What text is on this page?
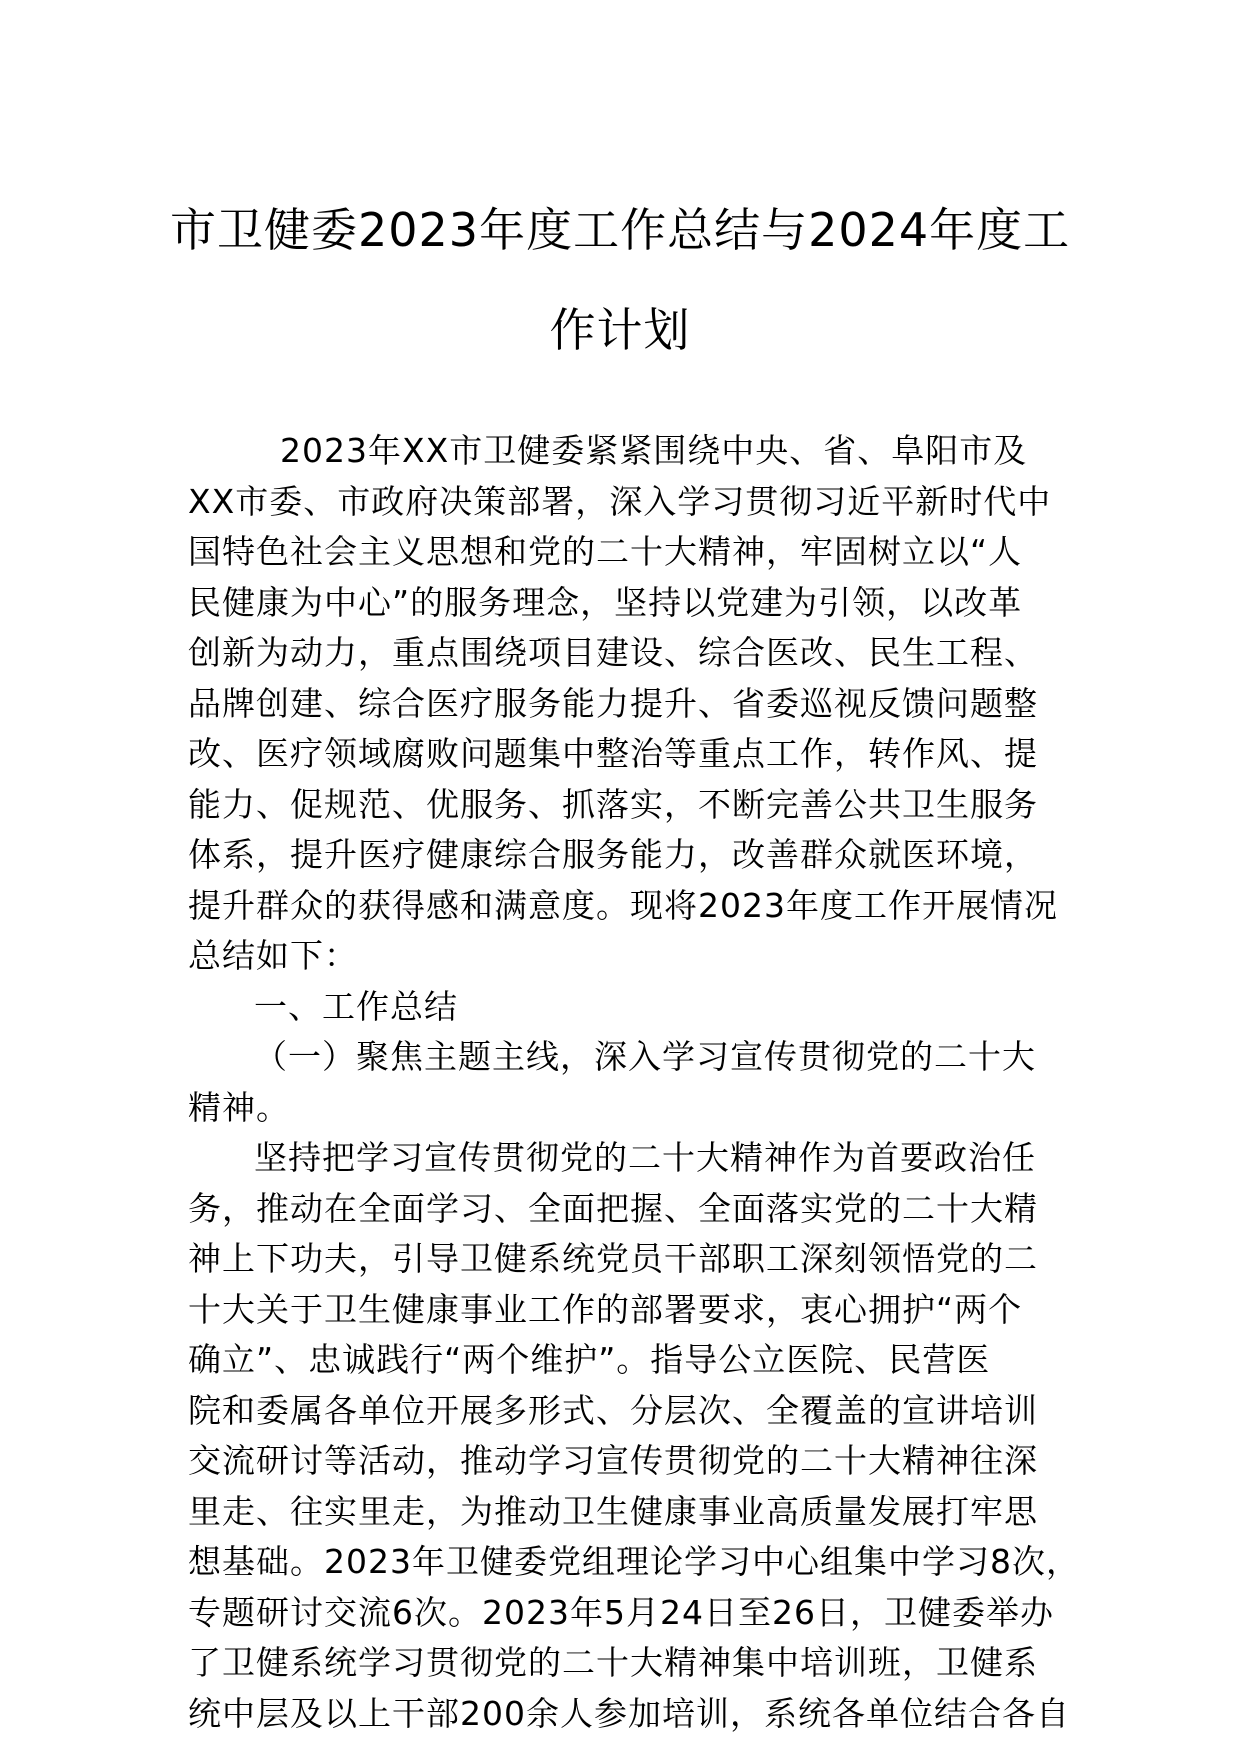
市卫健委2023年度工作总结与2024年度工
作计划
2023年XX市卫健委紧紧围绕中央、省、阜阳市及
XX市委、市政府决策部署，深入学习贯彻习近平新时代中
国特色社会主义思想和党的二十大精神，牢固树立以“人
民健康为中心”的服务理念，坚持以党建为引领，以改革
创新为动力，重点围绕项目建设、综合医改、民生工程、
品牌创建、综合医疗服务能力提升、省委巡视反馈问题整
改、医疗领域腐败问题集中整治等重点工作，转作风、提
能力、促规范、优服务、抓落实，不断完善公共卫生服务
体系，提升医疗健康综合服务能力，改善群众就医环境，
提升群众的获得感和满意度。现将2023年度工作开展情况
总结如下：
一、工作总结
（一）聚焦主题主线，深入学习宣传贯彻党的二十大
精神。
坚持把学习宣传贯彻党的二十大精神作为首要政治任
务，推动在全面学习、全面把握、全面落实党的二十大精
神上下功夫，引导卫健系统党员干部职工深刻领悟党的二
十大关于卫生健康事业工作的部署要求，衷心拥护“两个
确立”、忠诚践行“两个维护”。指导公立医院、民营医
院和委属各单位开展多形式、分层次、全覆盖的宣讲培训
交流研讨等活动，推动学习宣传贯彻党的二十大精神往深
里走、往实里走，为推动卫生健康事业高质量发展打牢思
想基础。2023年卫健委党组理论学习中心组集中学习8次，
专题研讨交流6次。2023年5月24日至26日，卫健委举办
了卫健系统学习贯彻党的二十大精神集中培训班，卫健系
统中层及以上干部200余人参加培训，系统各单位结合各自
